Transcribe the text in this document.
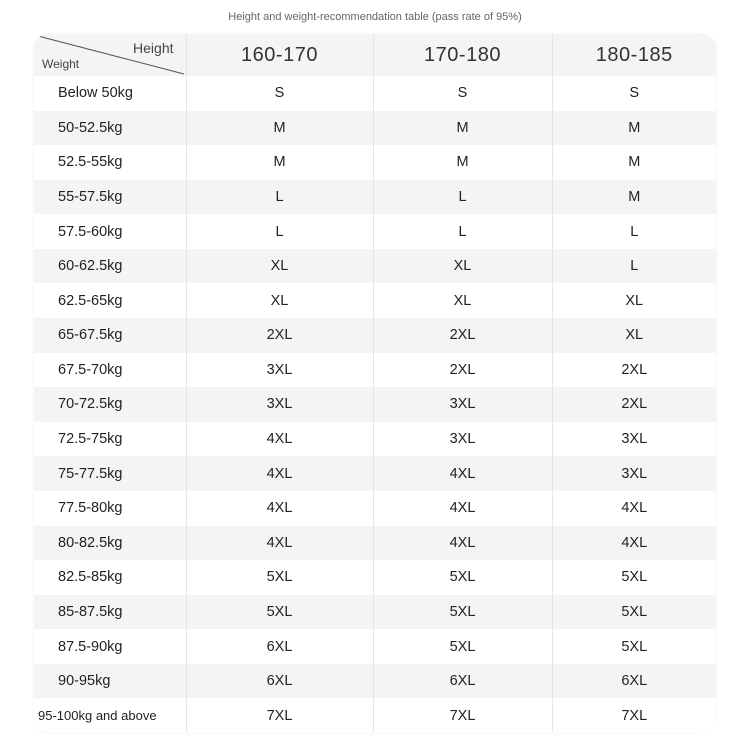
Height and weight-recommendation table (pass rate of 95%)
Height
Weight	160-170	170-180	180-185
Below 50kg	S	S	S
50-52.5kg	M	M	M
52.5-55kg	M	M	M
55-57.5kg	L	L	M
57.5-60kg	L	L	L
60-62.5kg	XL	XL	L
62.5-65kg	XL	XL	XL
65-67.5kg	2XL	2XL	XL
67.5-70kg	3XL	2XL	2XL
70-72.5kg	3XL	3XL	2XL
72.5-75kg	4XL	3XL	3XL
75-77.5kg	4XL	4XL	3XL
77.5-80kg	4XL	4XL	4XL
80-82.5kg	4XL	4XL	4XL
82.5-85kg	5XL	5XL	5XL
85-87.5kg	5XL	5XL	5XL
87.5-90kg	6XL	5XL	5XL
90-95kg	6XL	6XL	6XL
95-100kg and above	7XL	7XL	7XL
